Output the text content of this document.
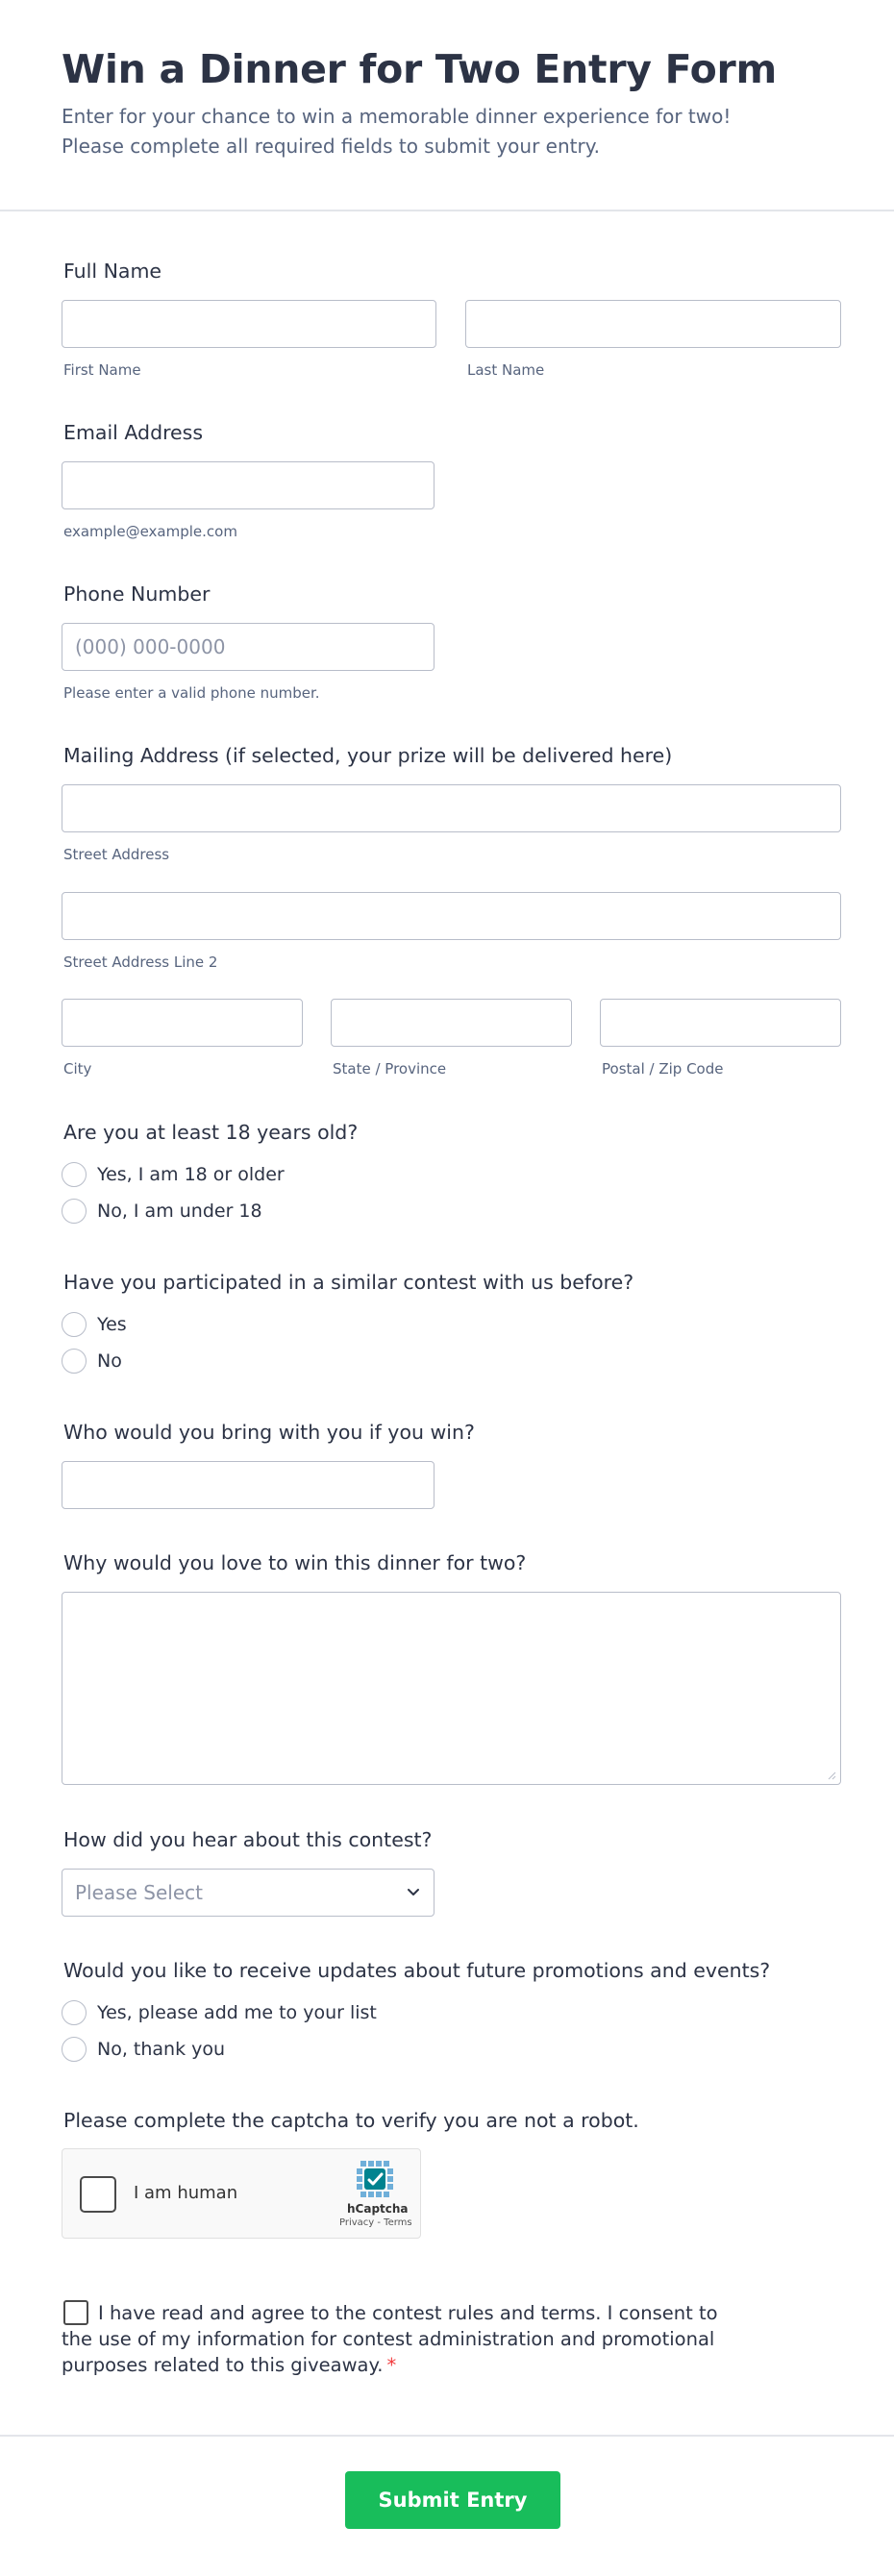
Win a Dinner for Two Entry Form

Enter for your chance to win a memorable dinner experience for two! Please complete all required fields to submit your entry.

Full Name
First Name	Last Name
Email Address
example@example.com
Phone Number
(000) 000-0000
Please enter a valid phone number.
Mailing Address (if selected, your prize will be delivered here)
Street Address
Street Address Line 2
City	State / Province	Postal / Zip Code
Are you at least 18 years old?
Yes, I am 18 or older
No, I am under 18
Have you participated in a similar contest with us before?
Yes
No
Who would you bring with you if you win?
Why would you love to win this dinner for two?
How did you hear about this contest?
Please Select
Would you like to receive updates about future promotions and events?
Yes, please add me to your list
No, thank you
Please complete the captcha to verify you are not a robot.
I am human
hCaptcha
Privacy - Terms
I have read and agree to the contest rules and terms. I consent to the use of my information for contest administration and promotional purposes related to this giveaway. *
Submit Entry
